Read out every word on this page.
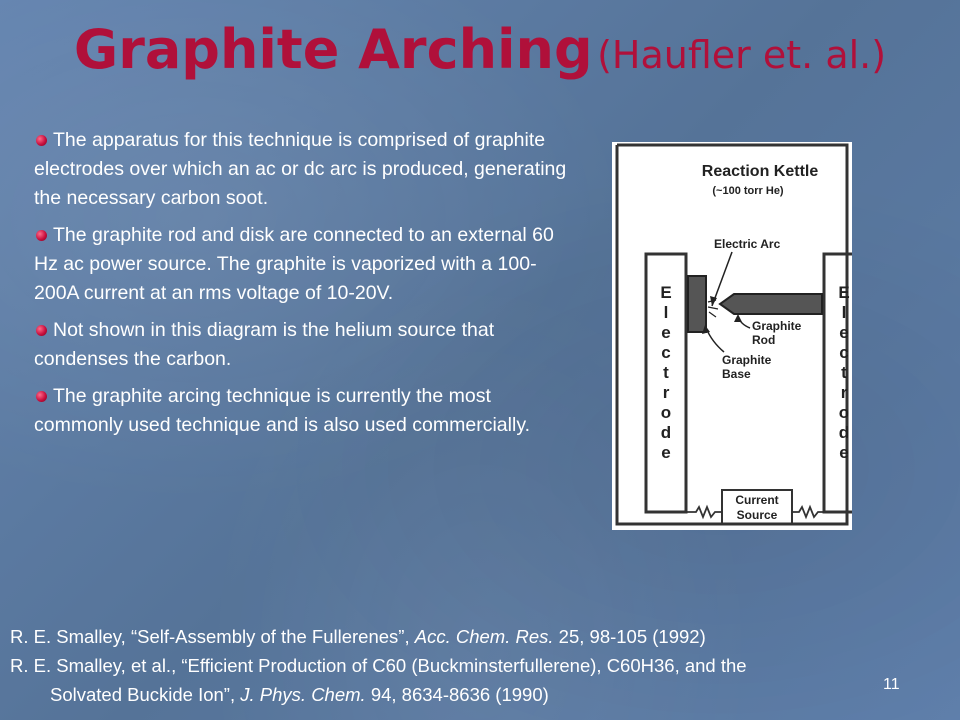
Graphite Arching (Haufler et. al.)
The apparatus for this technique is comprised of graphite electrodes over which an ac or dc arc is produced, generating the necessary carbon soot.
The graphite rod and disk are connected to an external 60 Hz ac power source. The graphite is vaporized with a 100-200A current at an rms voltage of 10-20V.
Not shown in this diagram is the helium source that condenses the carbon.
The graphite arcing technique is currently the most commonly used technique and is also used commercially.
Reaction Kettle
(~100 torr He)
E
l
e
c
t
r
o
d
e
E
l
e
c
t
r
o
d
e
Electric Arc
Graphite
Rod
Graphite
Base
Current
Source
R. E. Smalley, “Self-Assembly of the Fullerenes”, Acc. Chem. Res. 25, 98-105 (1992)
R. E. Smalley, et al., “Efficient Production of C60 (Buckminsterfullerene), C60H36, and the
Solvated Buckide Ion”, J. Phys. Chem. 94, 8634-8636 (1990)	11
